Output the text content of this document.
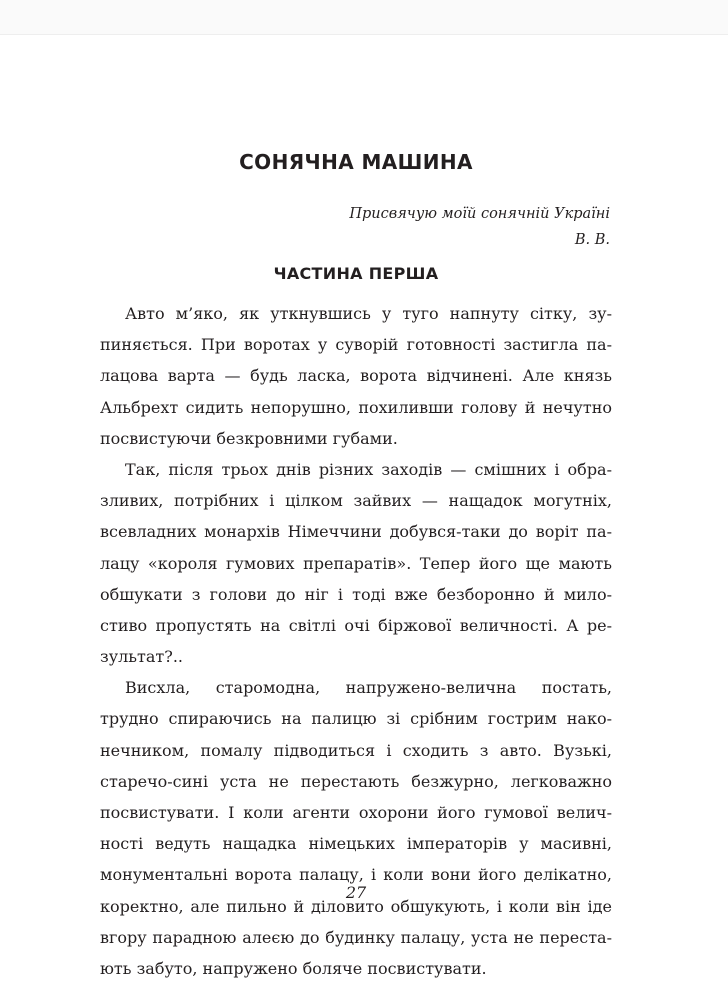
СОНЯЧНА МАШИНА

Присвячую моїй сонячній Україні
В. В.

ЧАСТИНА ПЕРША
Авто м’яко, як уткнувшись у туго напнуту сітку, зу-
пиняється. При воротах у суворій готовності застигла па-
лацова варта — будь ласка, ворота відчинені. Але князь
Альбрехт сидить непорушно, похиливши голову й нечутно
посвистуючи безкровними губами.
Так, після трьох днів різних заходів — смішних і обра-
зливих, потрібних і цілком зайвих — нащадок могутніх,
всевладних монархів Німеччини добувся-таки до воріт па-
лацу «короля гумових препаратів». Тепер його ще мають
обшукати з голови до ніг і тоді вже безборонно й мило-
стиво пропустять на світлі очі біржової величності. А ре-
зультат?..
Висхла, старомодна, напружено-велична постать,
трудно спираючись на палицю зі срібним гострим нако-
нечником, помалу підводиться і сходить з авто. Вузькі,
старечо-сині уста не перестають безжурно, легковажно
посвистувати. І коли агенти охорони його гумової велич-
ності ведуть нащадка німецьких імператорів у масивні,
монументальні ворота палацу, і коли вони його делікатно,
коректно, але пильно й діловито обшукують, і коли він іде
вгору парадною алеєю до будинку палацу, уста не переста-
ють забуто, напружено боляче посвистувати.

27
